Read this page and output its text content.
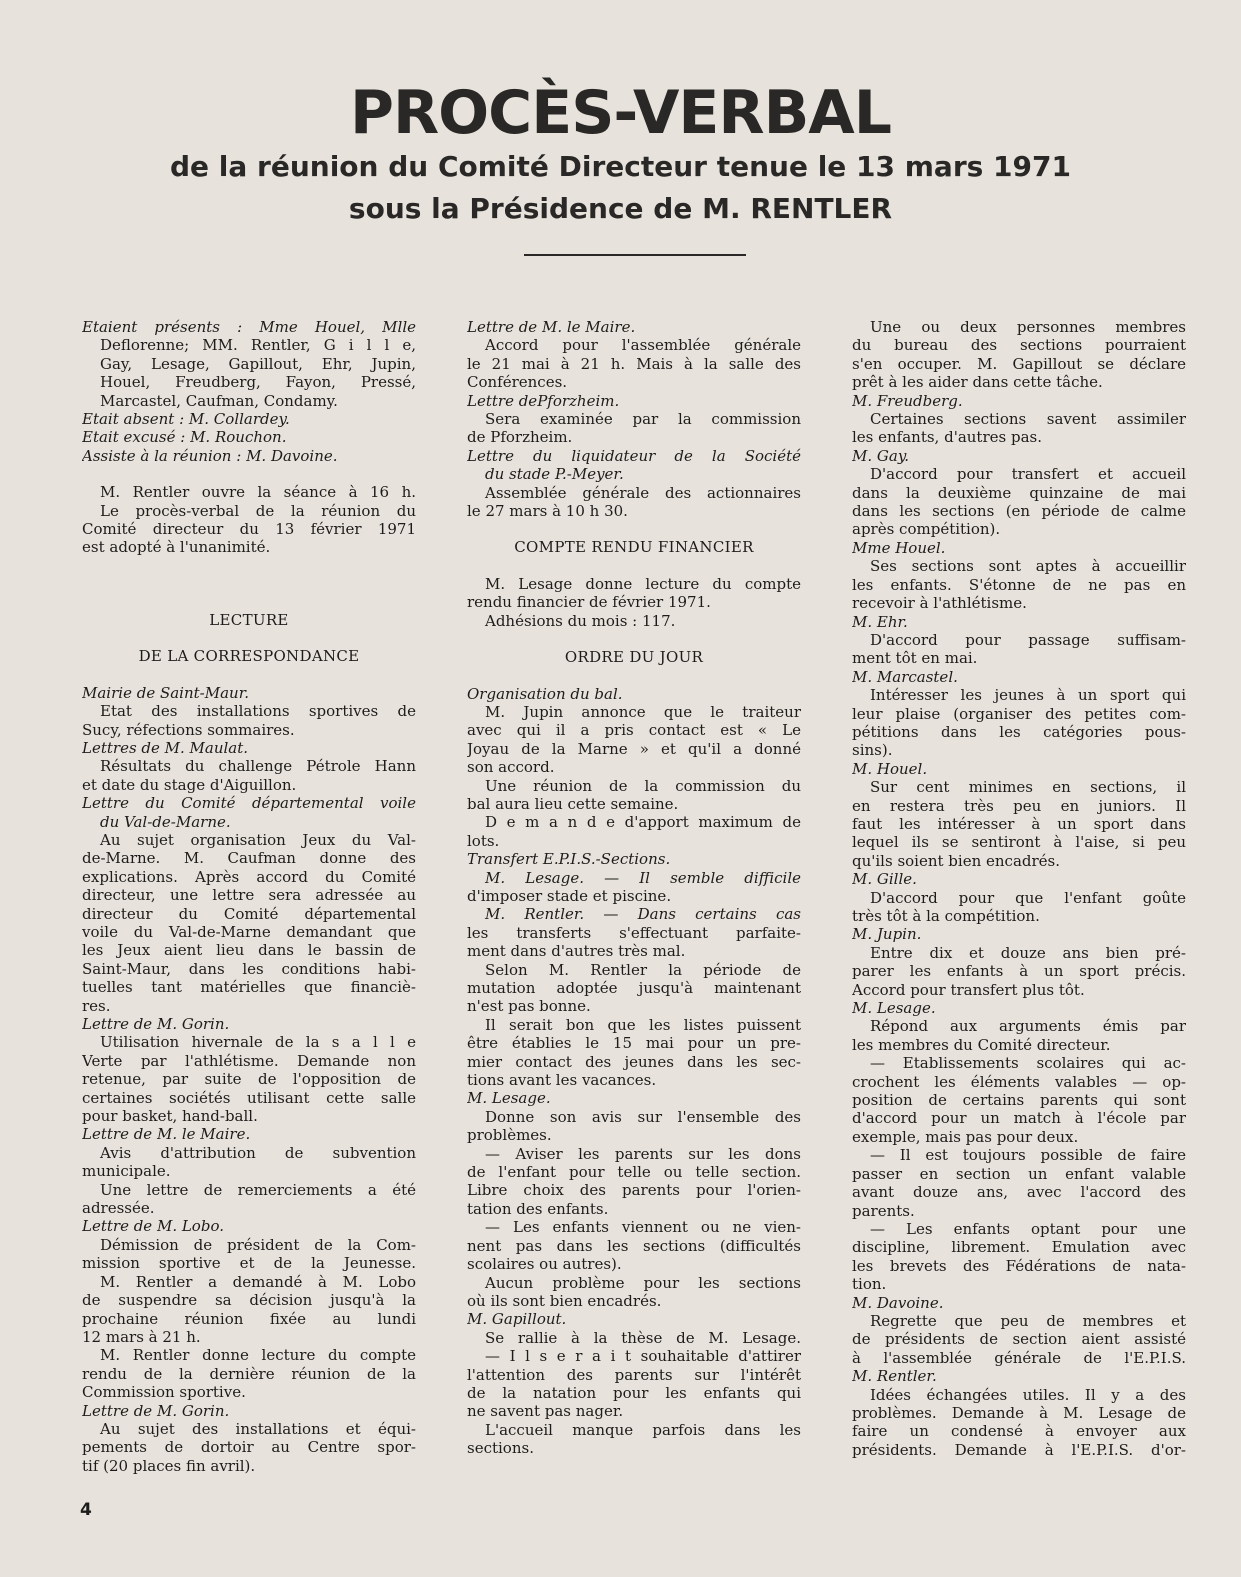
PROCÈS-VERBAL
de la réunion du Comité Directeur tenue le 13 mars 1971
sous la Présidence de M. RENTLER

Etaient présents : Mme Houel, Mlle

Deflorenne; MM. Rentler, G i l l e,

Gay, Lesage, Gapillout, Ehr, Jupin,

Houel, Freudberg, Fayon, Pressé,

Marcastel, Caufman, Condamy.

Etait absent : M. Collardey.

Etait excusé : M. Rouchon.

Assiste à la réunion : M. Davoine.

M. Rentler ouvre la séance à 16 h.

Le procès-verbal de la réunion du

Comité directeur du 13 février 1971

est adopté à l'unanimité.

LECTURE

DE LA CORRESPONDANCE

Mairie de Saint-Maur.

Etat des installations sportives de

Sucy, réfections sommaires.

Lettres de M. Maulat.

Résultats du challenge Pétrole Hann

et date du stage d'Aiguillon.

Lettre du Comité départemental voile

du Val-de-Marne.

Au sujet organisation Jeux du Val-

de-Marne. M. Caufman donne des

explications. Après accord du Comité

directeur, une lettre sera adressée au

directeur du Comité départemental

voile du Val-de-Marne demandant que

les Jeux aient lieu dans le bassin de

Saint-Maur, dans les conditions habi-

tuelles tant matérielles que financiè-

res.

Lettre de M. Gorin.

Utilisation hivernale de la s a l l e

Verte par l'athlétisme. Demande non

retenue, par suite de l'opposition de

certaines sociétés utilisant cette salle

pour basket, hand-ball.

Lettre de M. le Maire.

Avis d'attribution de subvention

municipale.

Une lettre de remerciements a été

adressée.

Lettre de M. Lobo.

Démission de président de la Com-

mission sportive et de la Jeunesse.

M. Rentler a demandé à M. Lobo

de suspendre sa décision jusqu'à la

prochaine réunion fixée au lundi

12 mars à 21 h.

M. Rentler donne lecture du compte

rendu de la dernière réunion de la

Commission sportive.

Lettre de M. Gorin.

Au sujet des installations et équi-

pements de dortoir au Centre spor-

tif (20 places fin avril).

Lettre de M. le Maire.

Accord pour l'assemblée générale

le 21 mai à 21 h. Mais à la salle des

Conférences.

Lettre dePforzheim.

Sera examinée par la commission

de Pforzheim.

Lettre du liquidateur de la Société

du stade P.-Meyer.

Assemblée générale des actionnaires

le 27 mars à 10 h 30.

COMPTE RENDU FINANCIER

M. Lesage donne lecture du compte

rendu financier de février 1971.

Adhésions du mois : 117.

ORDRE DU JOUR

Organisation du bal.

M. Jupin annonce que le traiteur

avec qui il a pris contact est « Le

Joyau de la Marne » et qu'il a donné

son accord.

Une réunion de la commission du

bal aura lieu cette semaine.

D e m a n d e d'apport maximum de

lots.

Transfert E.P.I.S.-Sections.

M. Lesage. — Il semble difficile

d'imposer stade et piscine.

M. Rentler. — Dans certains cas

les transferts s'effectuant parfaite-

ment dans d'autres très mal.

Selon M. Rentler la période de

mutation adoptée jusqu'à maintenant

n'est pas bonne.

Il serait bon que les listes puissent

être établies le 15 mai pour un pre-

mier contact des jeunes dans les sec-

tions avant les vacances.

M. Lesage.

Donne son avis sur l'ensemble des

problèmes.

— Aviser les parents sur les dons

de l'enfant pour telle ou telle section.

Libre choix des parents pour l'orien-

tation des enfants.

— Les enfants viennent ou ne vien-

nent pas dans les sections (difficultés

scolaires ou autres).

Aucun problème pour les sections

où ils sont bien encadrés.

M. Gapillout.

Se rallie à la thèse de M. Lesage.

— I l s e r a i t souhaitable d'attirer

l'attention des parents sur l'intérêt

de la natation pour les enfants qui

ne savent pas nager.

L'accueil manque parfois dans les

sections.

Une ou deux personnes membres

du bureau des sections pourraient

s'en occuper. M. Gapillout se déclare

prêt à les aider dans cette tâche.

M. Freudberg.

Certaines sections savent assimiler

les enfants, d'autres pas.

M. Gay.

D'accord pour transfert et accueil

dans la deuxième quinzaine de mai

dans les sections (en période de calme

après compétition).

Mme Houel.

Ses sections sont aptes à accueillir

les enfants. S'étonne de ne pas en

recevoir à l'athlétisme.

M. Ehr.

D'accord pour passage suffisam-

ment tôt en mai.

M. Marcastel.

Intéresser les jeunes à un sport qui

leur plaise (organiser des petites com-

pétitions dans les catégories pous-

sins).

M. Houel.

Sur cent minimes en sections, il

en restera très peu en juniors. Il

faut les intéresser à un sport dans

lequel ils se sentiront à l'aise, si peu

qu'ils soient bien encadrés.

M. Gille.

D'accord pour que l'enfant goûte

très tôt à la compétition.

M. Jupin.

Entre dix et douze ans bien pré-

parer les enfants à un sport précis.

Accord pour transfert plus tôt.

M. Lesage.

Répond aux arguments émis par

les membres du Comité directeur.

— Etablissements scolaires qui ac-

crochent les éléments valables — op-

position de certains parents qui sont

d'accord pour un match à l'école par

exemple, mais pas pour deux.

— Il est toujours possible de faire

passer en section un enfant valable

avant douze ans, avec l'accord des

parents.

— Les enfants optant pour une

discipline, librement. Emulation avec

les brevets des Fédérations de nata-

tion.

M. Davoine.

Regrette que peu de membres et

de présidents de section aient assisté

à l'assemblée générale de l'E.P.I.S.

M. Rentler.

Idées échangées utiles. Il y a des

problèmes. Demande à M. Lesage de

faire un condensé à envoyer aux

présidents. Demande à l'E.P.I.S. d'or-

4
